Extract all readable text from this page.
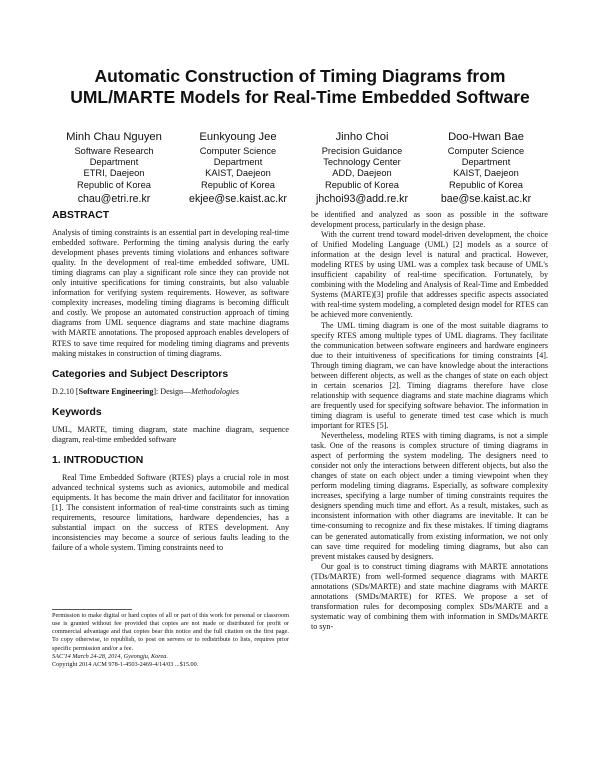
Automatic Construction of Timing Diagrams from
UML/MARTE Models for Real-Time Embedded Software
Minh Chau Nguyen
Software Research
Department
ETRI, Daejeon
Republic of Korea
chau@etri.re.kr
Eunkyoung Jee
Computer Science
Department
KAIST, Daejeon
Republic of Korea
ekjee@se.kaist.ac.kr
Jinho Choi
Precision Guidance
Technology Center
ADD, Daejeon
Republic of Korea
jhchoi93@add.re.kr
Doo-Hwan Bae
Computer Science
Department
KAIST, Daejeon
Republic of Korea
bae@se.kaist.ac.kr
ABSTRACT

Analysis of timing constraints is an essential part in developing real-time embedded software. Performing the timing analysis during the early development phases prevents timing violations and enhances software quality. In the development of real-time embedded software, UML timing diagrams can play a significant role since they can provide not only intuitive specifications for timing constraints, but also valuable information for verifying system requirements. However, as software complexity increases, modeling timing diagrams is becoming difficult and costly. We propose an automated construction approach of timing diagrams from UML sequence diagrams and state machine diagrams with MARTE annotations. The proposed approach enables developers of RTES to save time required for modeling timing diagrams and prevents making mistakes in construction of timing diagrams.

Categories and Subject Descriptors

D.2.10 [Software Engineering]: Design—Methodologies

Keywords

UML, MARTE, timing diagram, state machine diagram, sequence diagram, real-time embedded software

1. INTRODUCTION

Real Time Embedded Software (RTES) plays a crucial role in most advanced technical systems such as avionics, automobile and medical equipments. It has become the main driver and facilitator for innovation [1]. The consistent information of real-time constraints such as timing requirements, resource limitations, hardware dependencies, has a substantial impact on the success of RTES development. Any inconsistencies may become a source of serious faults leading to the failure of a whole system. Timing constraints need to

Permission to make digital or hard copies of all or part of this work for personal or classroom use is granted without fee provided that copies are not made or distributed for profit or commercial advantage and that copies bear this notice and the full citation on the first page. To copy otherwise, to republish, to post on servers or to redistribute to lists, requires prior specific permission and/or a fee.

SAC'14 March 24-28, 2014, Gyeongju, Korea.

Copyright 2014 ACM 978-1-4503-2469-4/14/03 ...$15.00.

be identified and analyzed as soon as possible in the software development process, particularly in the design phase.

With the current trend toward model-driven development, the choice of Unified Modeling Language (UML) [2] models as a source of information at the design level is natural and practical. However, modeling RTES by using UML was a complex task because of UML's insufficient capability of real-time specification. Fortunately, by combining with the Modeling and Analysis of Real-Time and Embedded Systems (MARTE)[3] profile that addresses specific aspects associated with real-time system modeling, a completed design model for RTES can be achieved more conveniently.

The UML timing diagram is one of the most suitable diagrams to specify RTES among multiple types of UML diagrams. They facilitate the communication between software engineers and hardware engineers due to their intuitiveness of specifications for timing constraints [4]. Through timing diagram, we can have knowledge about the interactions between different objects, as well as the changes of state on each object in certain scenarios [2]. Timing diagrams therefore have close relationship with sequence diagrams and state machine diagrams which are frequently used for specifying software behavior. The information in timing diagram is useful to generate timed test case which is much important for RTES [5].

Nevertheless, modeling RTES with timing diagrams, is not a simple task. One of the reasons is complex structure of timing diagrams in aspect of performing the system modeling. The designers need to consider not only the interactions between different objects, but also the changes of state on each object under a timing viewpoint when they perform modeling timing diagrams. Especially, as software complexity increases, specifying a large number of timing constraints requires the designers spending much time and effort. As a result, mistakes, such as inconsistent information with other diagrams are inevitable. It can be time-consuming to recognize and fix these mistakes. If timing diagrams can be generated automatically from existing information, we not only can save time required for modeling timing diagrams, but also can prevent mistakes caused by designers.

Our goal is to construct timing diagrams with MARTE annotations (TDs/MARTE) from well-formed sequence diagrams with MARTE annotations (SDs/MARTE) and state machine diagrams with MARTE annotations (SMDs/MARTE) for RTES. We propose a set of transformation rules for decomposing complex SDs/MARTE and a systematic way of combining them with information in SMDs/MARTE to syn-
